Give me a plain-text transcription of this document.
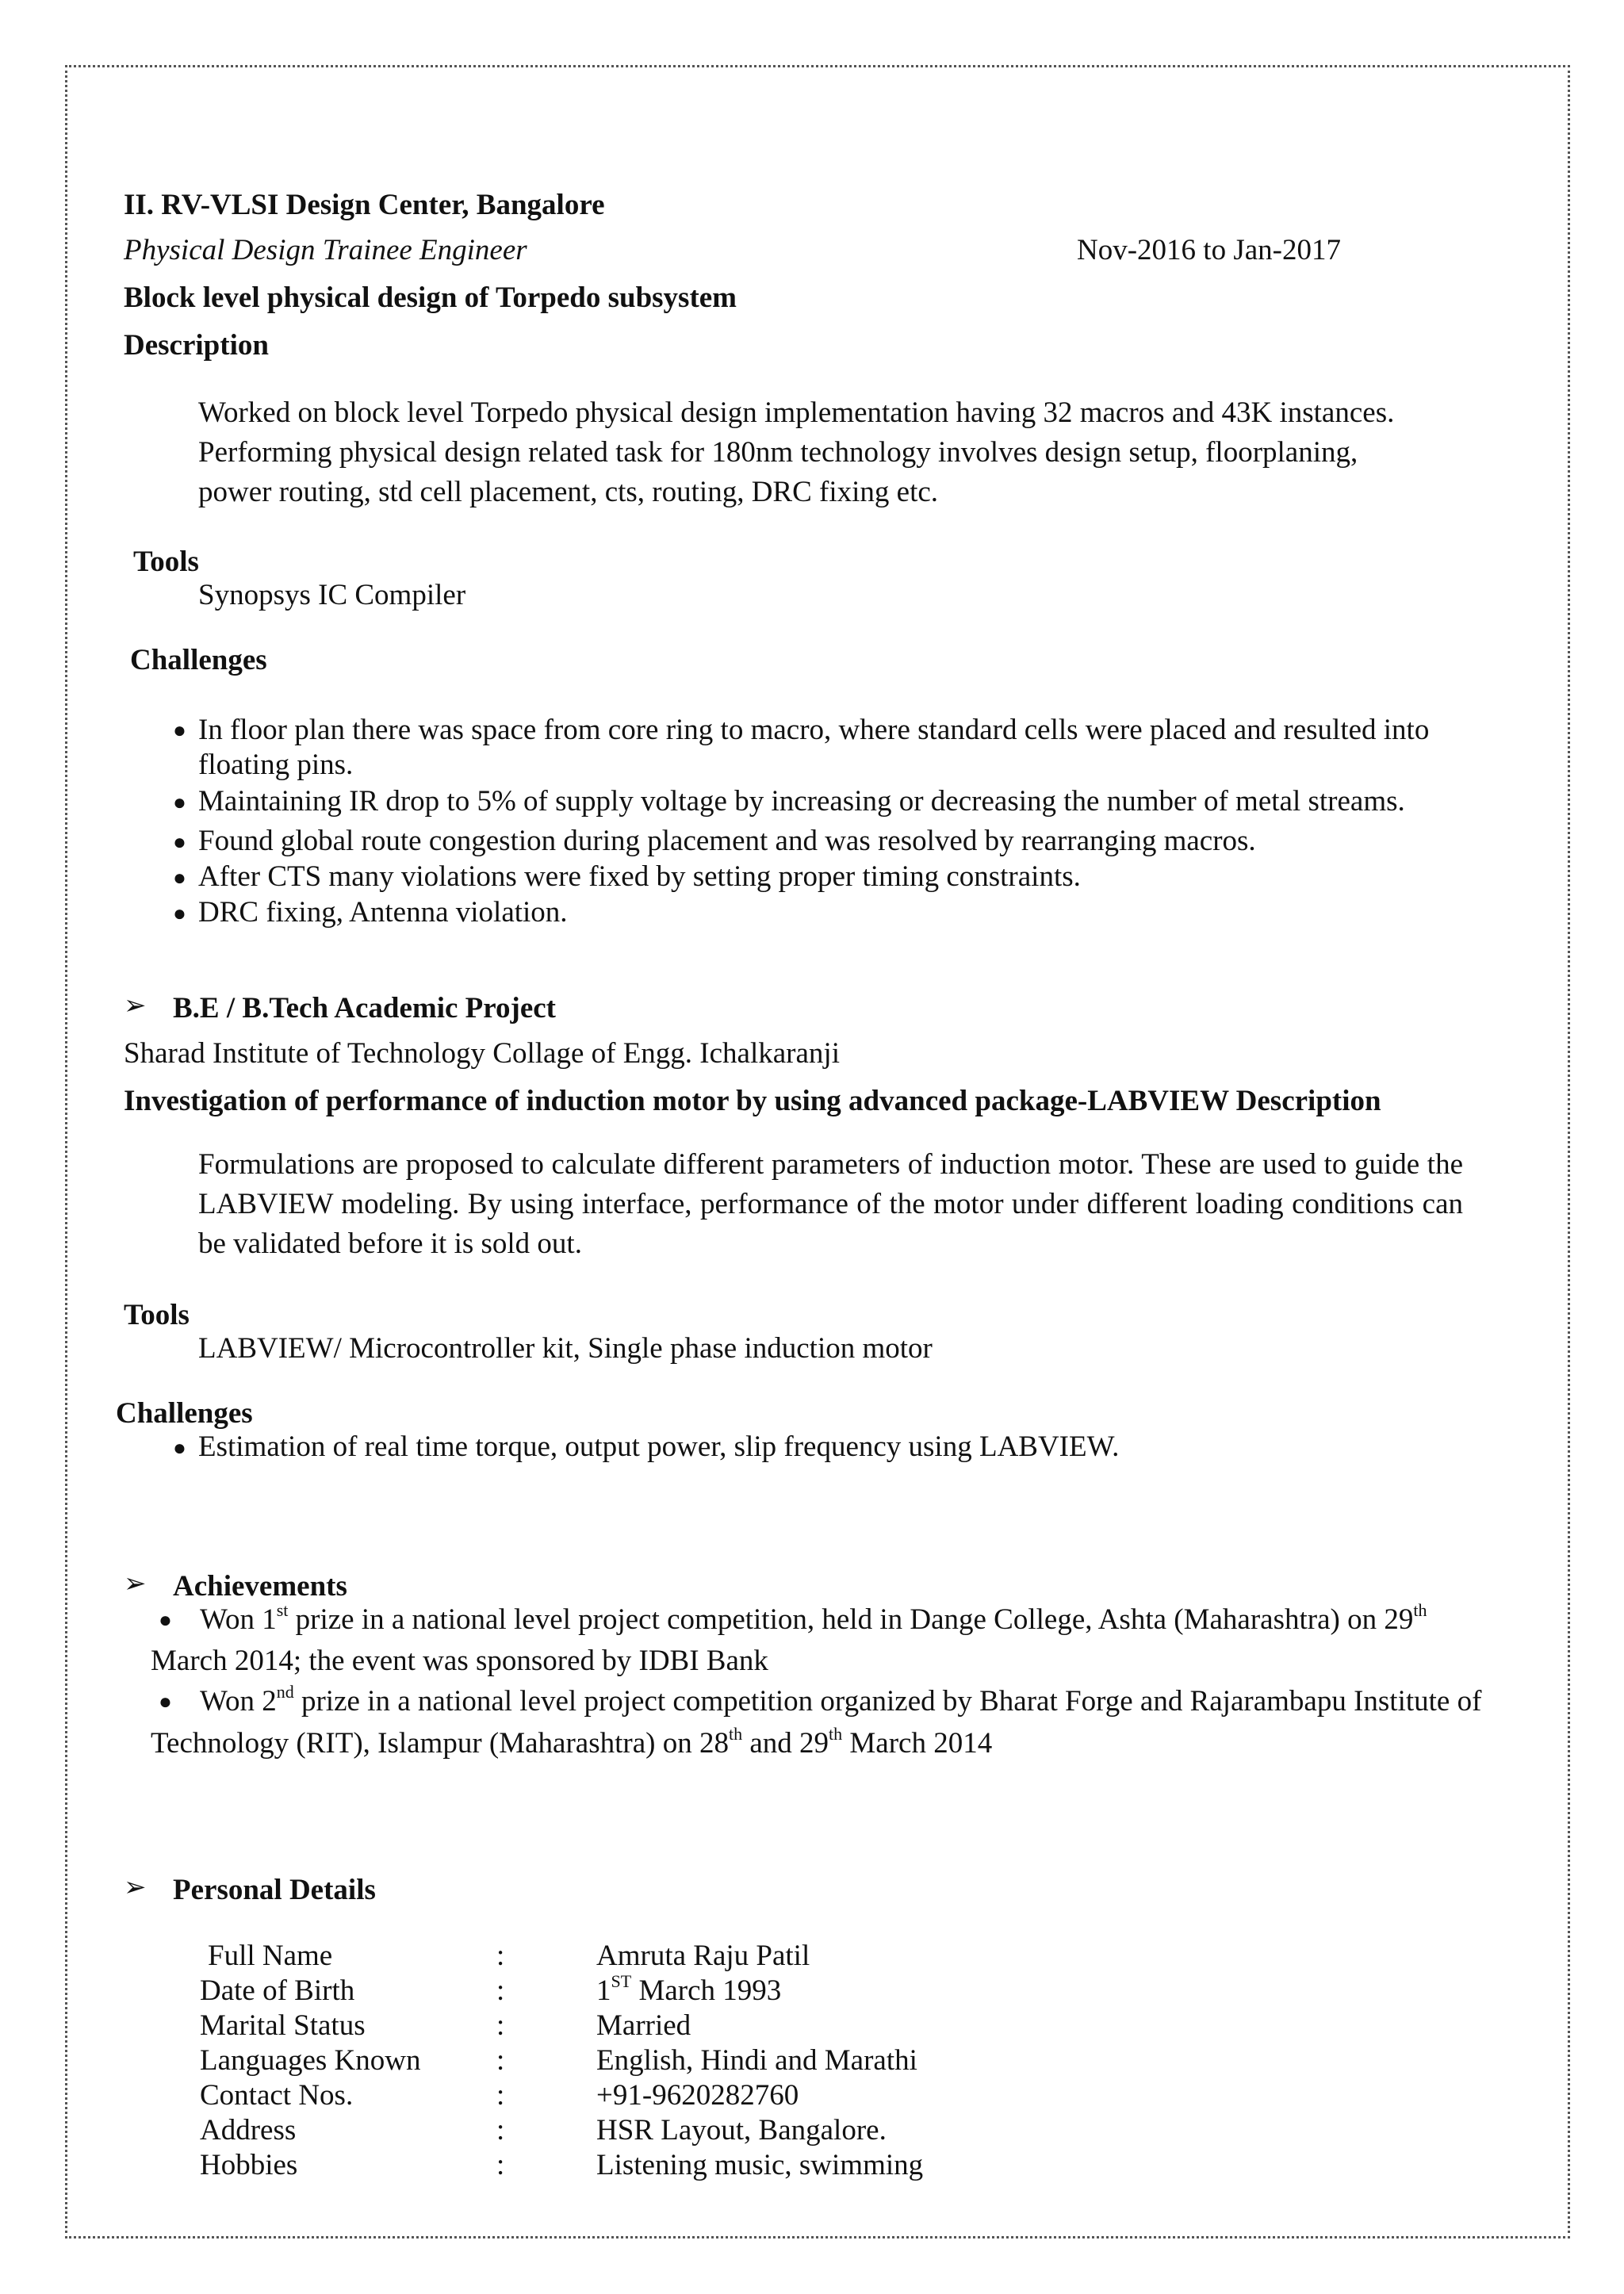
II. RV-VLSI Design Center, Bangalore
Physical Design Trainee Engineer	Nov-2016 to Jan-2017
Block level physical design of Torpedo subsystem
Description
Worked on block level Torpedo physical design implementation having 32 macros and 43K instances.
Performing physical design related task for 180nm technology involves design setup, floorplaning,
power routing, std cell placement, cts, routing, DRC fixing etc.
Tools
Synopsys IC Compiler
Challenges
● In floor plan there was space from core ring to macro, where standard cells were placed and resulted into
floating pins.
● Maintaining IR drop to 5% of supply voltage by increasing or decreasing the number of metal streams.
● Found global route congestion during placement and was resolved by rearranging macros.
● After CTS many violations were fixed by setting proper timing constraints.
● DRC fixing, Antenna violation.
➢ B.E / B.Tech Academic Project
Sharad Institute of Technology Collage of Engg. Ichalkaranji
Investigation of performance of induction motor by using advanced package-LABVIEW Description

Formulations are proposed to calculate different parameters of induction motor. These are used to guide the LABVIEW modeling. By using interface, performance of the motor under different loading conditions can be validated before it is sold out.

Tools
LABVIEW/ Microcontroller kit, Single phase induction motor
Challenges
● Estimation of real time torque, output power, slip frequency using LABVIEW.
➢ Achievements
● Won 1st prize in a national level project competition, held in Dange College, Ashta (Maharashtra) on 29th
March 2014; the event was sponsored by IDBI Bank
● Won 2nd prize in a national level project competition organized by Bharat Forge and Rajarambapu Institute of
Technology (RIT), Islampur (Maharashtra) on 28th and 29th March 2014
➢ Personal Details
Full Name	:	Amruta Raju Patil
Date of Birth	:	1ST March 1993
Marital Status	:	Married
Languages Known	:	English, Hindi and Marathi
Contact Nos.	:	+91-9620282760
Address	:	HSR Layout, Bangalore.
Hobbies	:	Listening music, swimming
